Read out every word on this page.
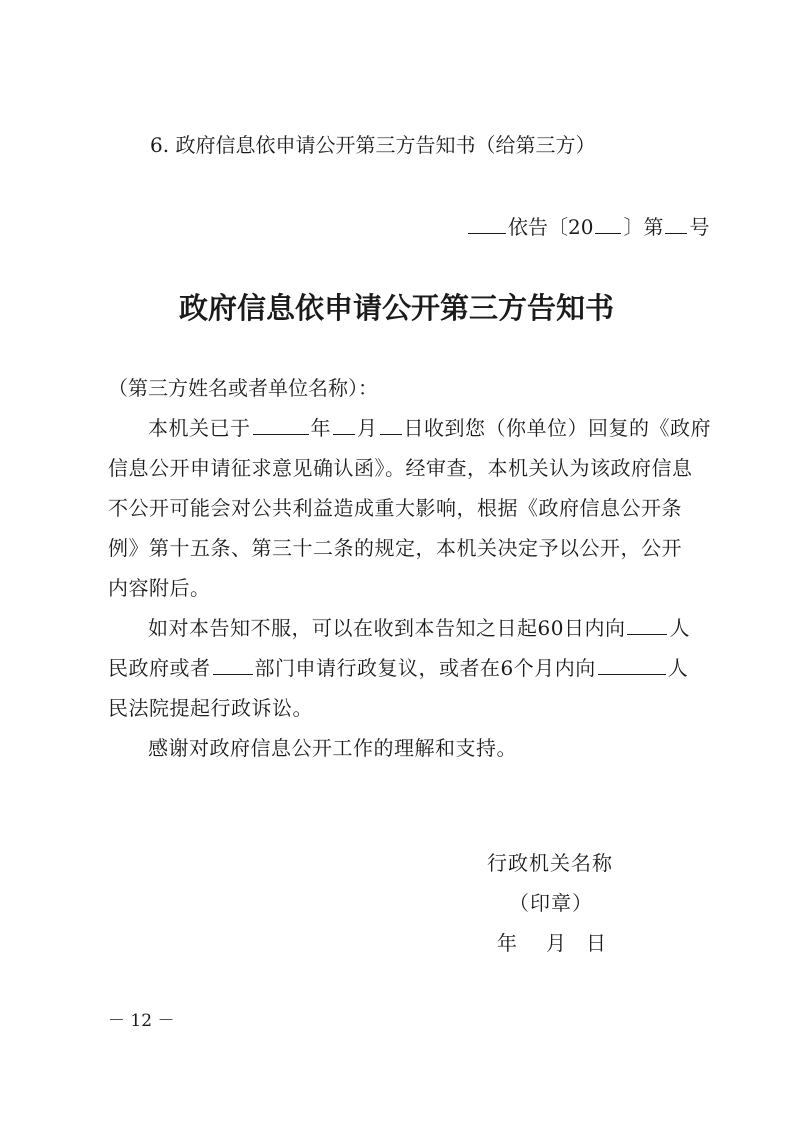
6. 政府信息依申请公开第三方告知书（给第三方）
依告〔20 〕第 号
政府信息依申请公开第三方告知书
（第三方姓名或者单位名称）：
本机关已于	年 月 日收到您（你单位）回复的《政府
信息公开申请征求意见确认函》。经审查，本机关认为该政府信息
不公开可能会对公共利益造成重大影响，根据《政府信息公开条
例》第十五条、第三十二条的规定，本机关决定予以公开，公开
内容附后。
如对本告知不服，可以在收到本告知之日起60日内向 人
民政府或者 部门申请行政复议，或者在6个月内向	人
民法院提起行政诉讼。
感谢对政府信息公开工作的理解和支持。
行政机关名称
（印章）
年 月 日
－ 12 －
